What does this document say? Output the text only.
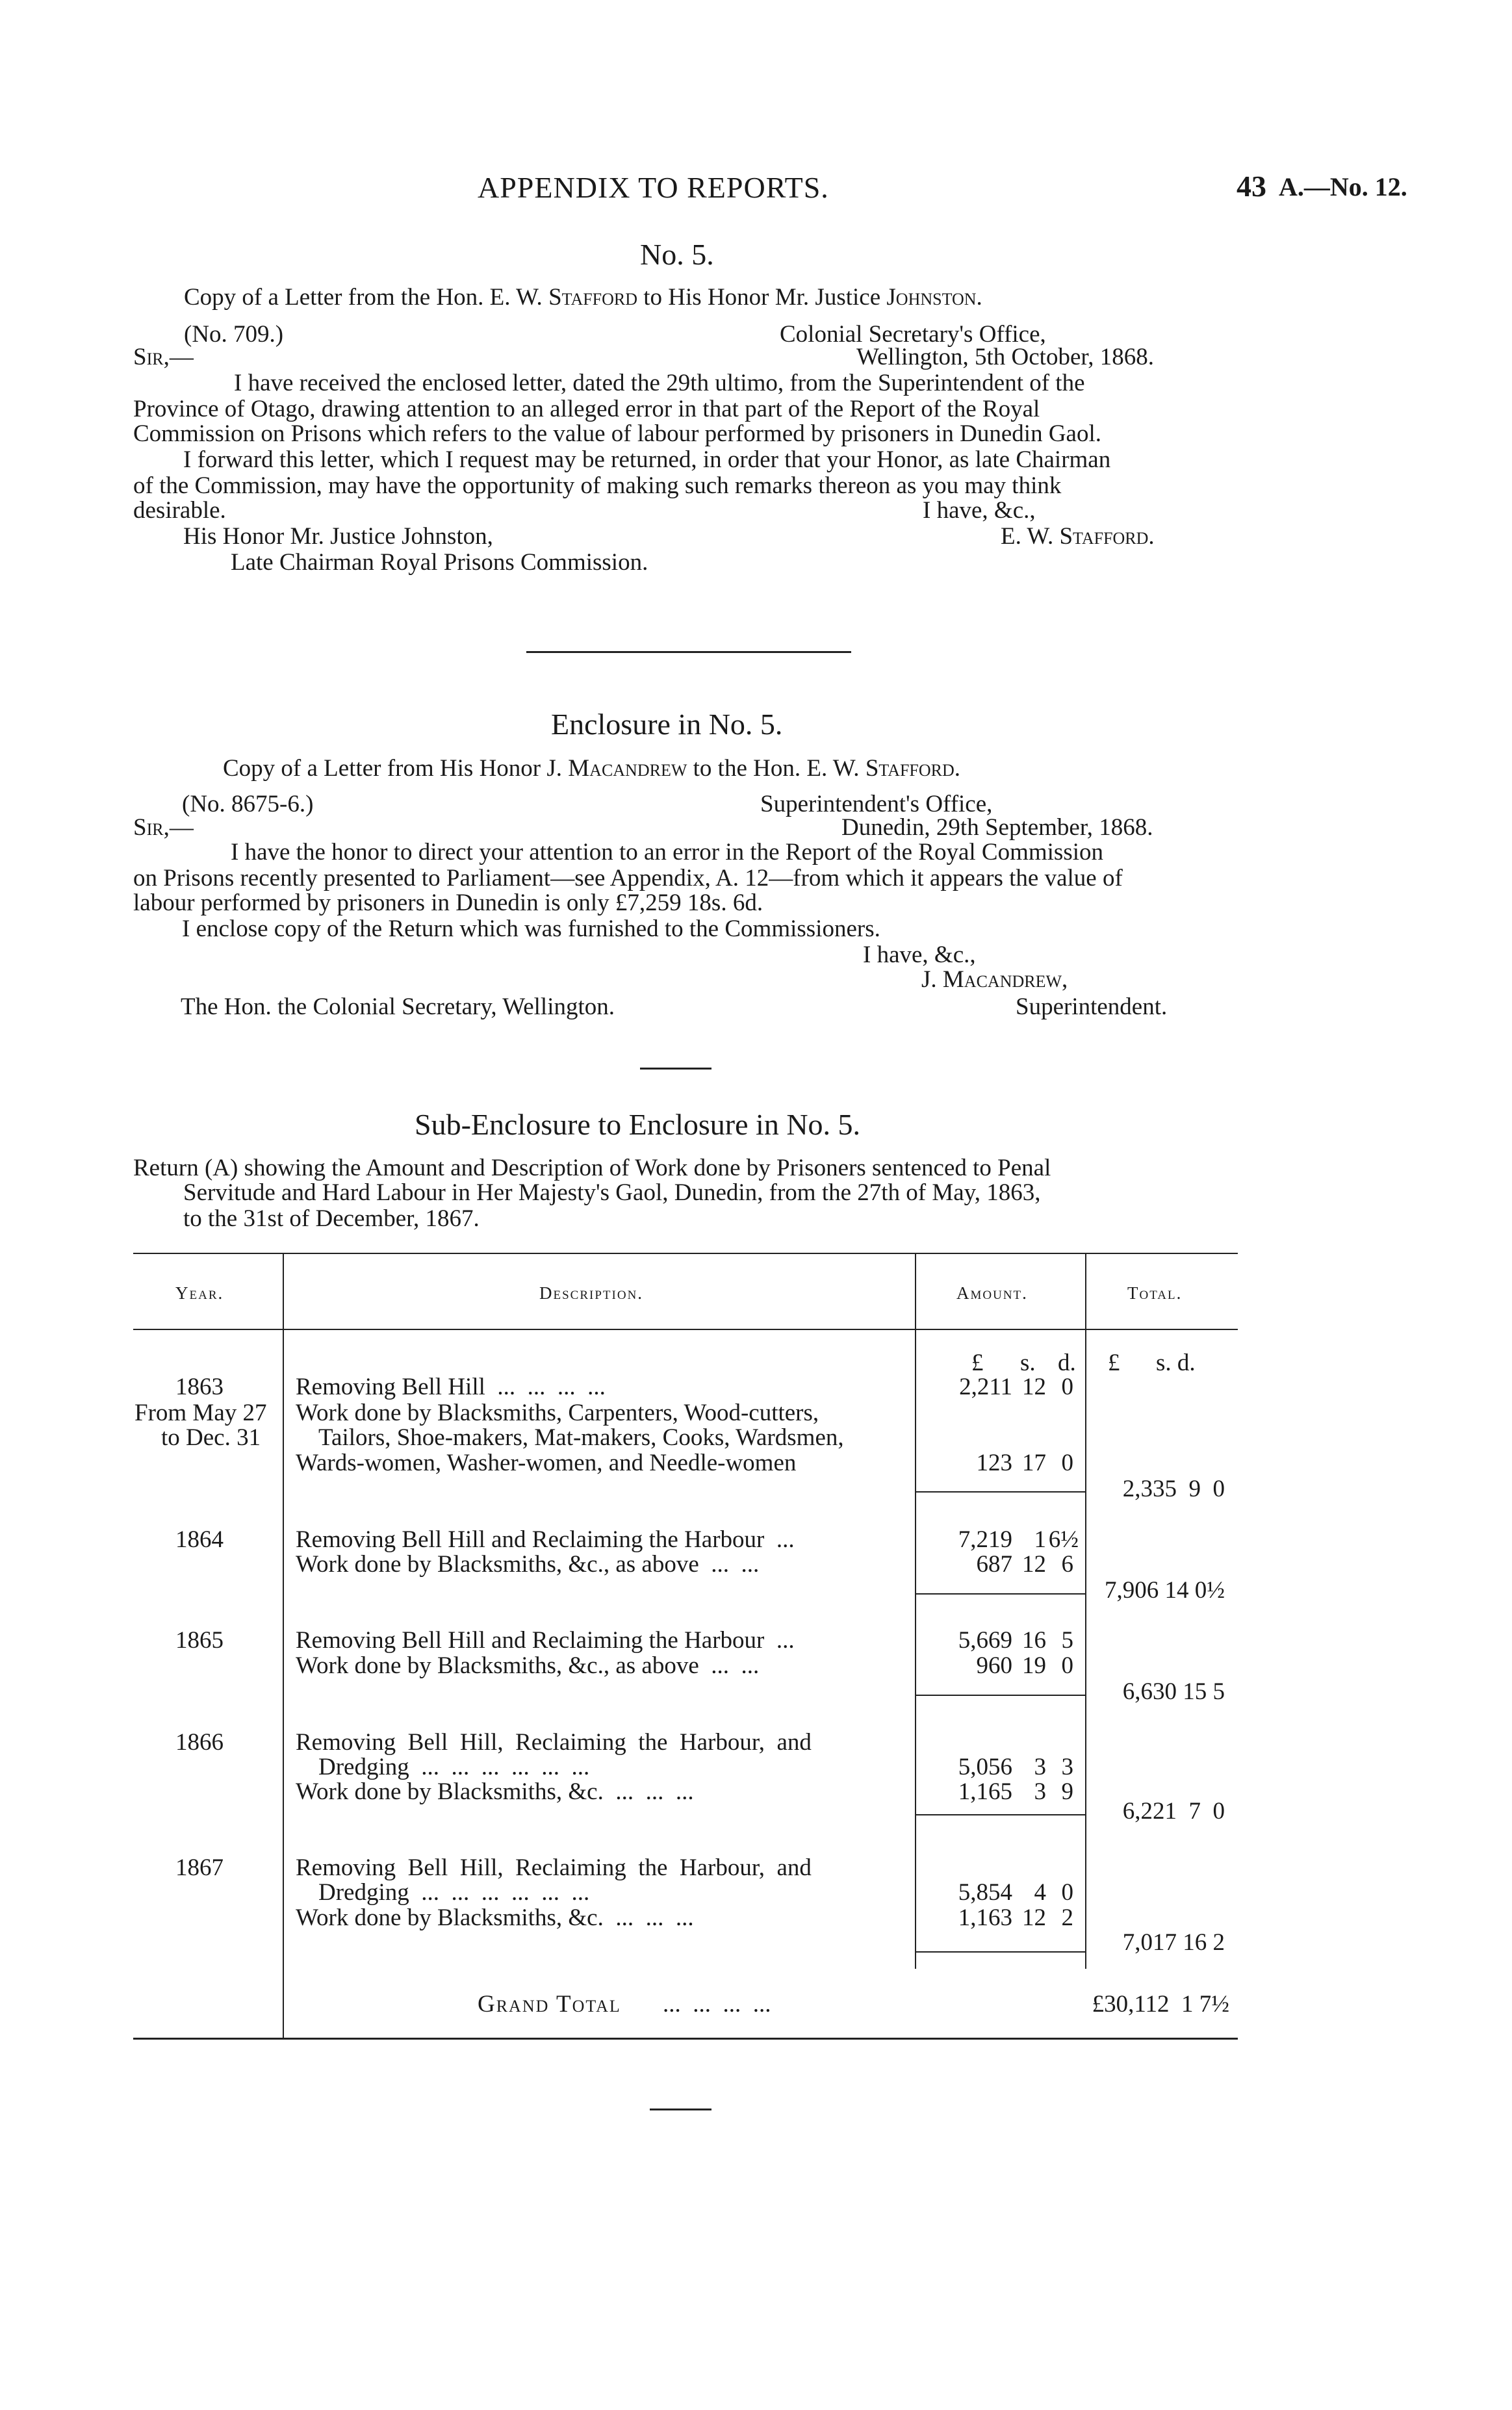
APPENDIX TO REPORTS.	43 A.—No. 12.
No. 5.
Copy of a Letter from the Hon. E. W. Stafford to His Honor Mr. Justice Johnston.
(No. 709.)	Colonial Secretary's Office,
Sir,—	Wellington, 5th October, 1868.
I have received the enclosed letter, dated the 29th ultimo, from the Superintendent of the
Province of Otago, drawing attention to an alleged error in that part of the Report of the Royal
Commission on Prisons which refers to the value of labour performed by prisoners in Dunedin Gaol.
I forward this letter, which I request may be returned, in order that your Honor, as late Chairman
of the Commission, may have the opportunity of making such remarks thereon as you may think
desirable.	I have, &c.,
His Honor Mr. Justice Johnston,	E. W. Stafford.
Late Chairman Royal Prisons Commission.
Enclosure in No. 5.
Copy of a Letter from His Honor J. Macandrew to the Hon. E. W. Stafford.
(No. 8675-6.)	Superintendent's Office,
Sir,—	Dunedin, 29th September, 1868.
I have the honor to direct your attention to an error in the Report of the Royal Commission
on Prisons recently presented to Parliament—see Appendix, A. 12—from which it appears the value of
labour performed by prisoners in Dunedin is only £7,259 18s. 6d.
I enclose copy of the Return which was furnished to the Commissioners.
I have, &c.,
J. Macandrew,
The Hon. the Colonial Secretary, Wellington.	Superintendent.
Sub-Enclosure to Enclosure in No. 5.
Return (A) showing the Amount and Description of Work done by Prisoners sentenced to Penal
Servitude and Hard Labour in Her Majesty's Gaol, Dunedin, from the 27th of May, 1863,
to the 31st of December, 1867.
Year.	Description.	Amount.	Total.
£ s. d. £      s. d.
1863
From May 27
to Dec. 31
Removing Bell Hill  ...  ...  ...  ...	2,211 12 0
Work done by Blacksmiths, Carpenters, Wood-cutters,
Tailors, Shoe-makers, Mat-makers, Cooks, Wardsmen,
Wards-women, Washer-women, and Needle-women	123 17 0
2,335  9  0
1864	Removing Bell Hill and Reclaiming the Harbour  ...	7,219 1 6½
Work done by Blacksmiths, &c., as above  ...  ...	687 12 6
7,906 14 0½
1865	Removing Bell Hill and Reclaiming the Harbour  ...	5,669 16 5
Work done by Blacksmiths, &c., as above  ...  ...	960 19 0
6,630 15 5
1866	Removing  Bell  Hill,  Reclaiming  the  Harbour,  and
Dredging  ...  ...  ...  ...  ...  ...	5,056 3 3
Work done by Blacksmiths, &c.  ...  ...  ...	1,165 3 9
6,221  7  0
1867	Removing  Bell  Hill,  Reclaiming  the  Harbour,  and
Dredging  ...  ...  ...  ...  ...  ...	5,854 4 0
Work done by Blacksmiths, &c.  ...  ...  ...	1,163 12 2
7,017 16 2
Grand Total ...  ...  ...  ...	£30,112  1 7½
